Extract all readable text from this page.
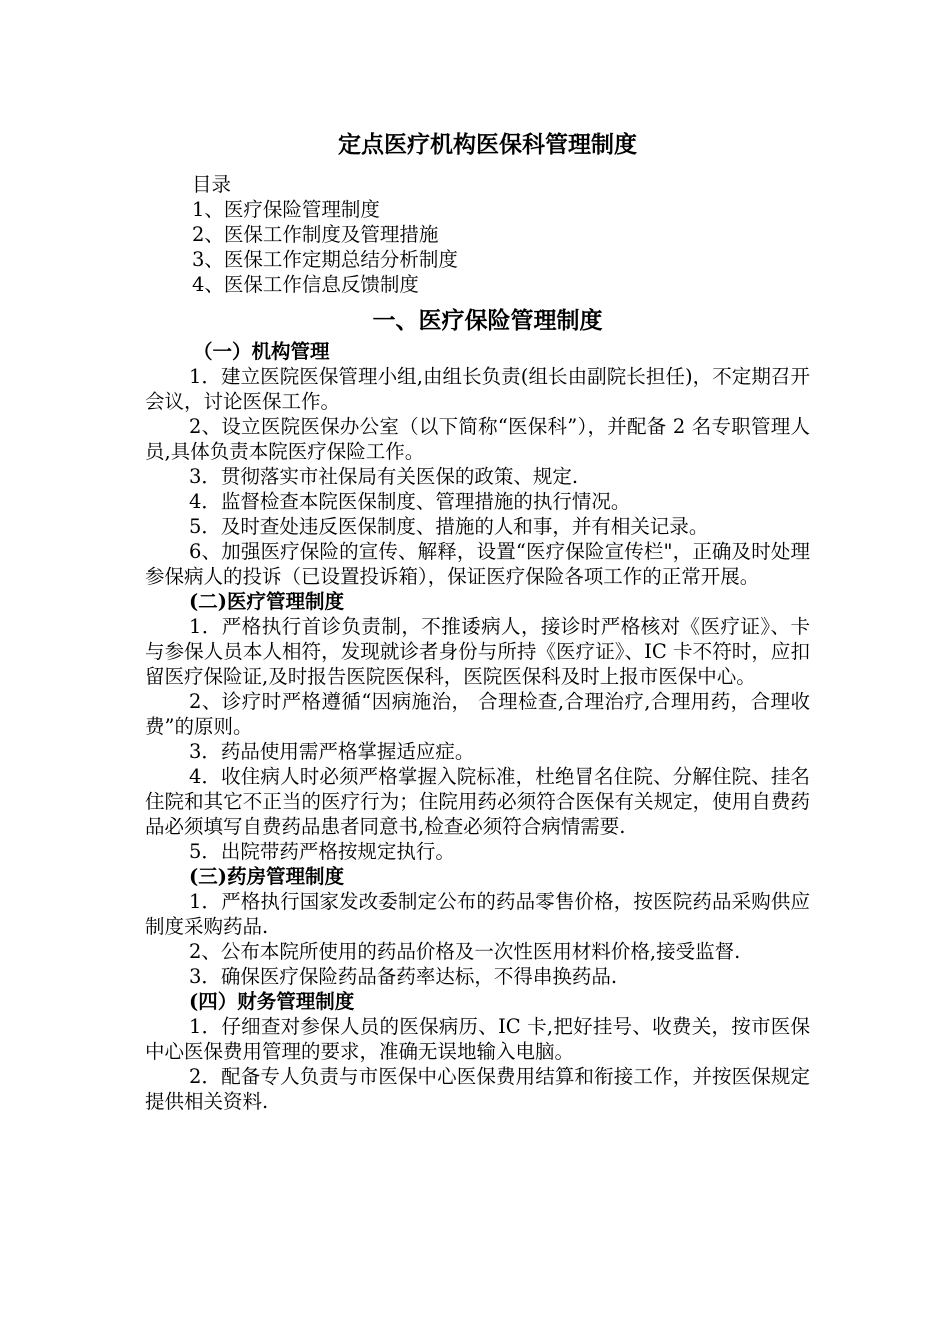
定点医疗机构医保科管理制度
目录
1、医疗保险管理制度
2、医保工作制度及管理措施
3、医保工作定期总结分析制度
4、医保工作信息反馈制度
一、医疗保险管理制度
（一）机构管理

1．建立医院医保管理小组,由组长负责(组长由副院长担任)，不定期召开会议，讨论医保工作。

2、设立医院医保办公室（以下简称“医保科”），并配备 2 名专职管理人员,具体负责本院医疗保险工作。

3．贯彻落实市社保局有关医保的政策、规定.

4．监督检查本院医保制度、管理措施的执行情况。

5．及时查处违反医保制度、措施的人和事，并有相关记录。

6、加强医疗保险的宣传、解释，设置“医疗保险宣传栏"，正确及时处理参保病人的投诉（已设置投诉箱），保证医疗保险各项工作的正常开展。

(二)医疗管理制度

1．严格执行首诊负责制，不推诿病人，接诊时严格核对《医疗证》、卡与参保人员本人相符，发现就诊者身份与所持《医疗证》、IC 卡不符时，应扣留医疗保险证,及时报告医院医保科，医院医保科及时上报市医保中心。

2、诊疗时严格遵循“因病施治， 合理检查,合理治疗,合理用药，合理收费”的原则。

3．药品使用需严格掌握适应症。

4．收住病人时必须严格掌握入院标准，杜绝冒名住院、分解住院、挂名住院和其它不正当的医疗行为；住院用药必须符合医保有关规定，使用自费药品必须填写自费药品患者同意书,检查必须符合病情需要.

5．出院带药严格按规定执行。

(三)药房管理制度

1．严格执行国家发改委制定公布的药品零售价格，按医院药品采购供应制度采购药品.

2、公布本院所使用的药品价格及一次性医用材料价格,接受监督.

3．确保医疗保险药品备药率达标，不得串换药品.

(四）财务管理制度

1．仔细查对参保人员的医保病历、IC 卡,把好挂号、收费关，按市医保中心医保费用管理的要求，准确无误地输入电脑。

2．配备专人负责与市医保中心医保费用结算和衔接工作，并按医保规定提供相关资料.
